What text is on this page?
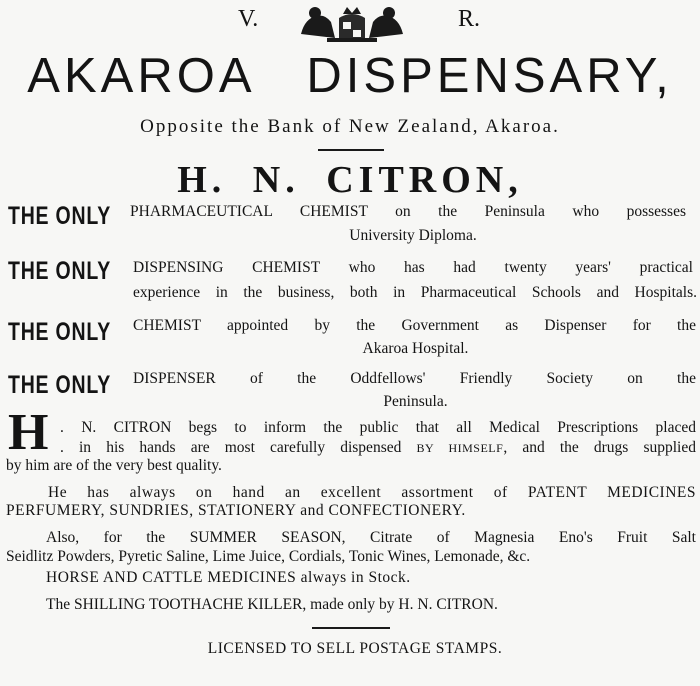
V.	R.
AKAROA DISPENSARY,
Opposite the Bank of New Zealand, Akaroa.
H. N. CITRON,
THE ONLY PHARMACEUTICAL CHEMIST on the Peninsula who possesses
University Diploma.
THE ONLY DISPENSING CHEMIST who has had twenty years' practical
experience in the business, both in Pharmaceutical Schools and Hospitals.
THE ONLY CHEMIST appointed by the Government as Dispenser for the
Akaroa Hospital.
THE ONLY DISPENSER of the Oddfellows' Friendly Society on the
Peninsula.
H . N. CITRON begs to inform the public that all Medical Prescriptions placed
. in his hands are most carefully dispensed BY HIMSELF, and the drugs supplied
by him are of the very best quality.
He has always on hand an excellent assortment of PATENT MEDICINES
PERFUMERY, SUNDRIES, STATIONERY and CONFECTIONERY.
Also, for the SUMMER SEASON, Citrate of Magnesia Eno's Fruit Salt
Seidlitz Powders, Pyretic Saline, Lime Juice, Cordials, Tonic Wines, Lemonade, &c.
HORSE AND CATTLE MEDICINES always in Stock.
The SHILLING TOOTHACHE KILLER, made only by H. N. CITRON.
LICENSED TO SELL POSTAGE STAMPS.
